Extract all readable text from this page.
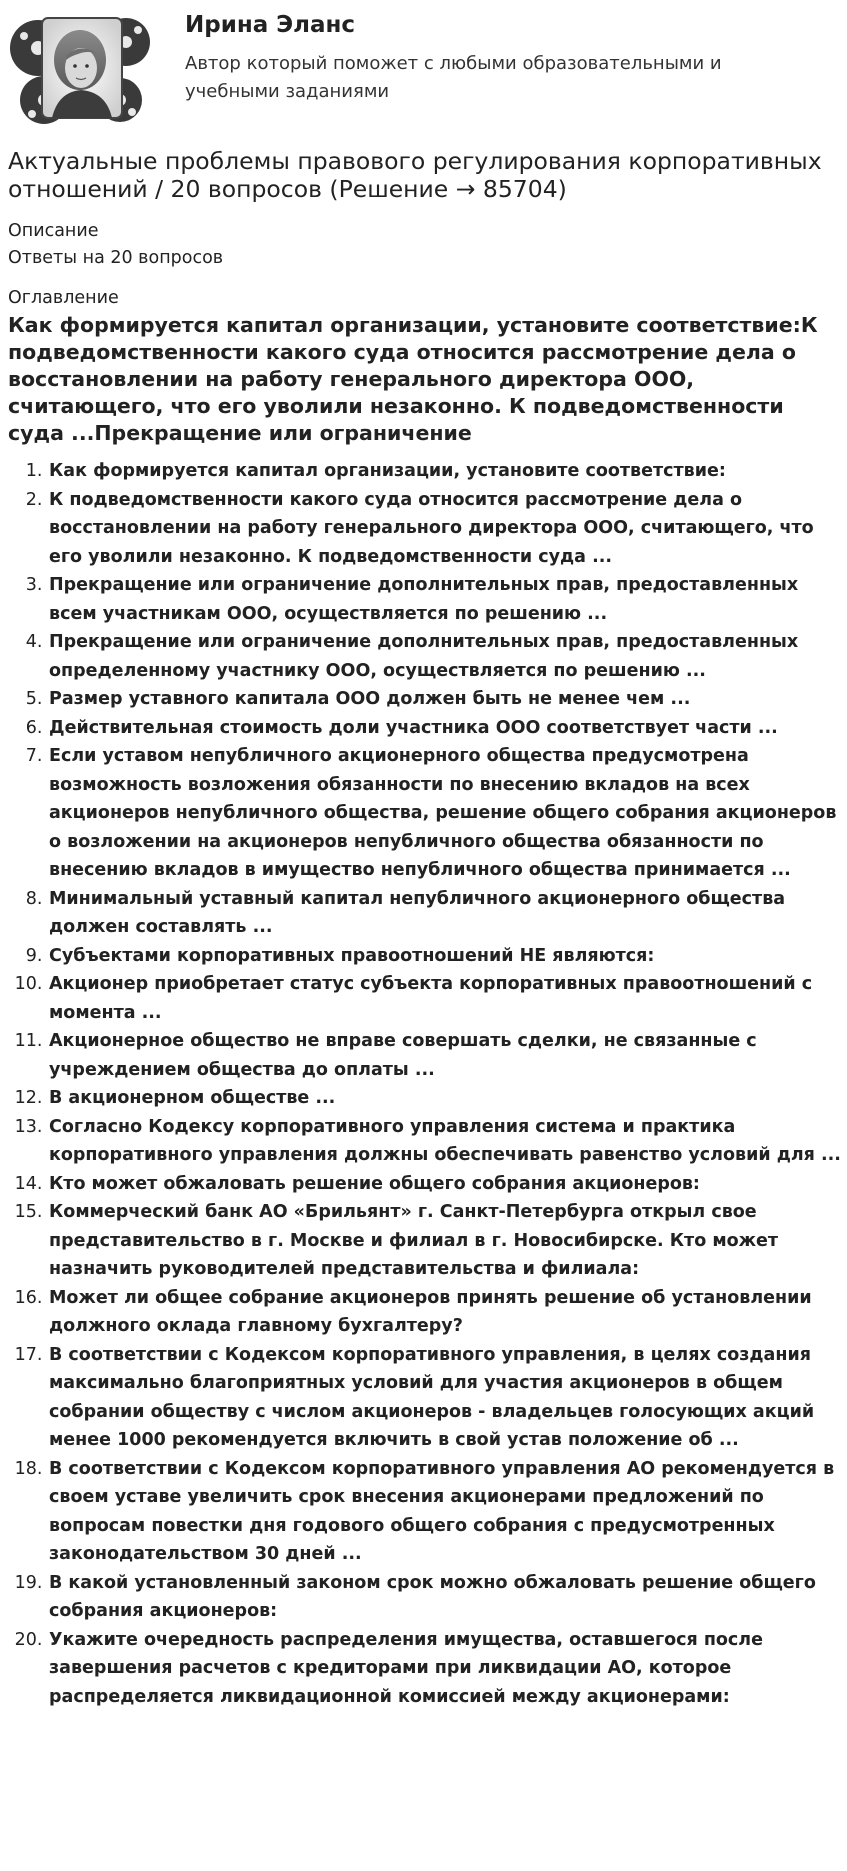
Ирина Эланс

Автор который поможет с любыми образовательными и учебными заданиями

Актуальные проблемы правового регулирования корпоративных отношений / 20 вопросов (Решение → 85704)
Описание
Ответы на 20 вопросов
Оглавление
Как формируется капитал организации, установите соответствие:К подведомственности какого суда относится рассмотрение дела о восстановлении на работу генерального директора ООО, считающего, что его уволили незаконно. К подведомственности суда ...Прекращение или ограничение
1. Как формируется капитал организации, установите соответствие:
2. К подведомственности какого суда относится рассмотрение дела о восстановлении на работу генерального директора ООО, считающего, что его уволили незаконно. К подведомственности суда ...
3. Прекращение или ограничение дополнительных прав, предоставленных всем участникам ООО, осуществляется по решению ...
4. Прекращение или ограничение дополнительных прав, предоставленных определенному участнику ООО, осуществляется по решению ...
5. Размер уставного капитала ООО должен быть не менее чем ...
6. Действительная стоимость доли участника ООО соответствует части ...
7. Если уставом непубличного акционерного общества предусмотрена возможность возложения обязанности по внесению вкладов на всех акционеров непубличного общества, решение общего собрания акционеров о возложении на акционеров непубличного общества обязанности по внесению вкладов в имущество непубличного общества принимается ...
8. Минимальный уставный капитал непубличного акционерного общества должен составлять ...
9. Субъектами корпоративных правоотношений НЕ являются:
10. Акционер приобретает статус субъекта корпоративных правоотношений с момента ...
11. Акционерное общество не вправе совершать сделки, не связанные с учреждением общества до оплаты ...
12. В акционерном обществе ...
13. Согласно Кодексу корпоративного управления система и практика корпоративного управления должны обеспечивать равенство условий для ...
14. Кто может обжаловать решение общего собрания акционеров:
15. Коммерческий банк АО «Брильянт» г. Санкт-Петербурга открыл свое представительство в г. Москве и филиал в г. Новосибирске. Кто может назначить руководителей представительства и филиала:
16. Может ли общее собрание акционеров принять решение об установлении должного оклада главному бухгалтеру?
17. В соответствии с Кодексом корпоративного управления, в целях создания максимально благоприятных условий для участия акционеров в общем собрании обществу с числом акционеров - владельцев голосующих акций менее 1000 рекомендуется включить в свой устав положение об ...
18. В соответствии с Кодексом корпоративного управления АО рекомендуется в своем уставе увеличить срок внесения акционерами предложений по вопросам повестки дня годового общего собрания с предусмотренных законодательством 30 дней ...
19. В какой установленный законом срок можно обжаловать решение общего собрания акционеров:
20. Укажите очередность распределения имущества, оставшегося после завершения расчетов с кредиторами при ликвидации АО, которое распределяется ликвидационной комиссией между акционерами:
